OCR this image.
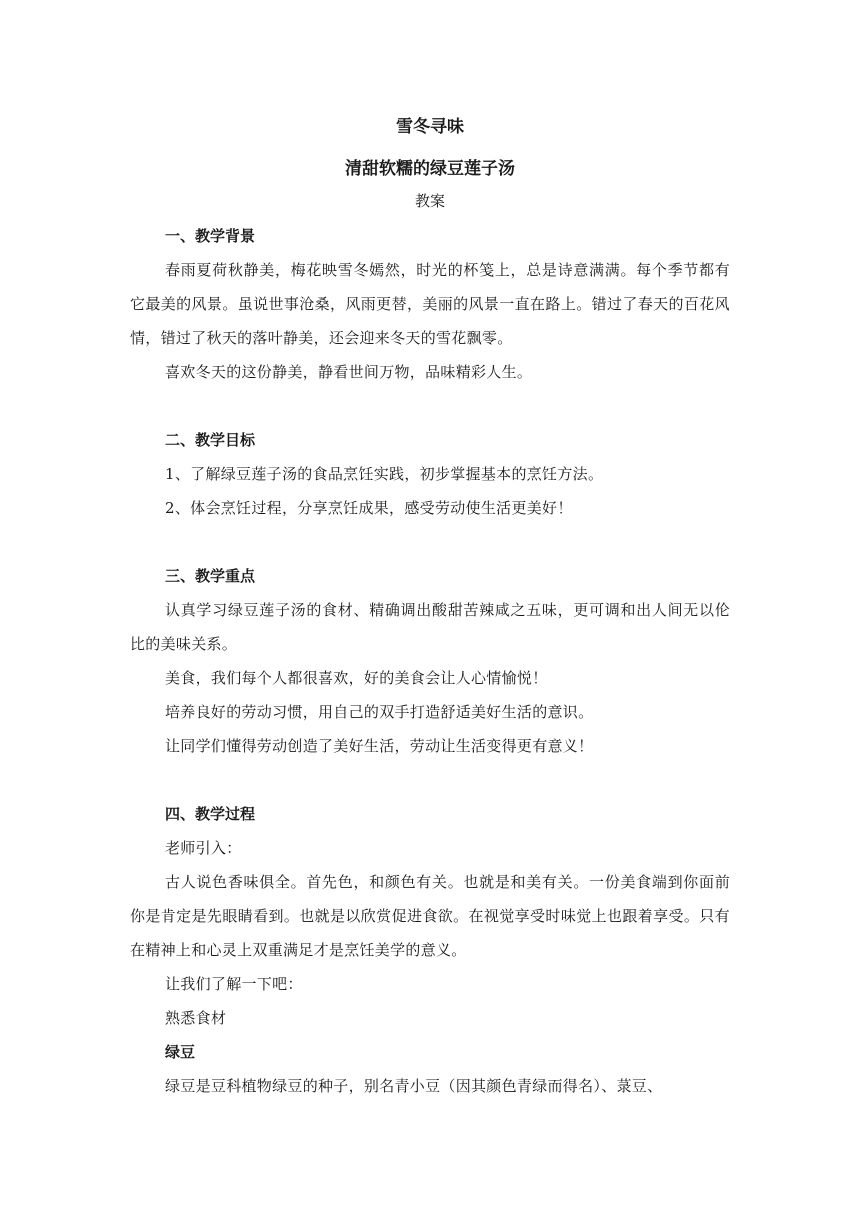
雪冬寻味
清甜软糯的绿豆莲子汤
教案

一、教学背景

春雨夏荷秋静美，梅花映雪冬嫣然，时光的杯笺上，总是诗意满满。每个季节都有它最美的风景。虽说世事沧桑，风雨更替，美丽的风景一直在路上。错过了春天的百花风情，错过了秋天的落叶静美，还会迎来冬天的雪花飘零。

喜欢冬天的这份静美，静看世间万物，品味精彩人生。

二、教学目标

1、了解绿豆莲子汤的食品烹饪实践，初步掌握基本的烹饪方法。

2、体会烹饪过程，分享烹饪成果，感受劳动使生活更美好！

三、教学重点

认真学习绿豆莲子汤的食材、精确调出酸甜苦辣咸之五味，更可调和出人间无以伦比的美味关系。

美食，我们每个人都很喜欢，好的美食会让人心情愉悦！

培养良好的劳动习惯，用自己的双手打造舒适美好生活的意识。

让同学们懂得劳动创造了美好生活，劳动让生活变得更有意义！

四、教学过程

老师引入：

古人说色香味俱全。首先色，和颜色有关。也就是和美有关。一份美食端到你面前你是肯定是先眼睛看到。也就是以欣赏促进食欲。在视觉享受时味觉上也跟着享受。只有在精神上和心灵上双重满足才是烹饪美学的意义。

让我们了解一下吧：

熟悉食材

绿豆

绿豆是豆科植物绿豆的种子，别名青小豆（因其颜色青绿而得名）、菉豆、
